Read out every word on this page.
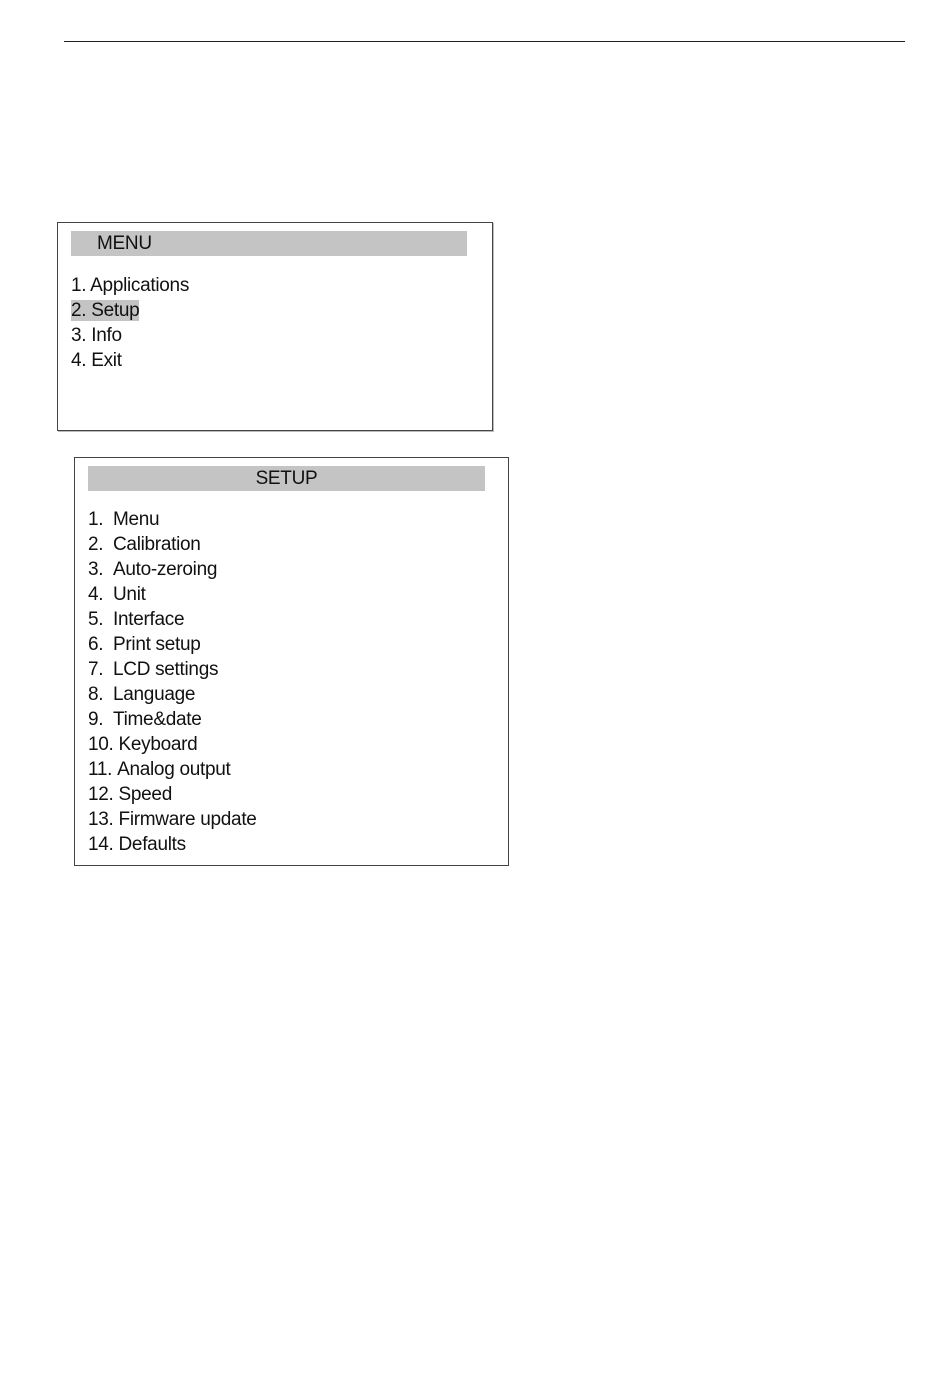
MENU
1. Applications
2. Setup
3. Info
4. Exit
SETUP
1. Menu
2. Calibration
3. Auto-zeroing
4. Unit
5. Interface
6. Print setup
7. LCD settings
8. Language
9. Time&date
10. Keyboard
11. Analog output
12. Speed
13. Firmware update
14. Defaults
